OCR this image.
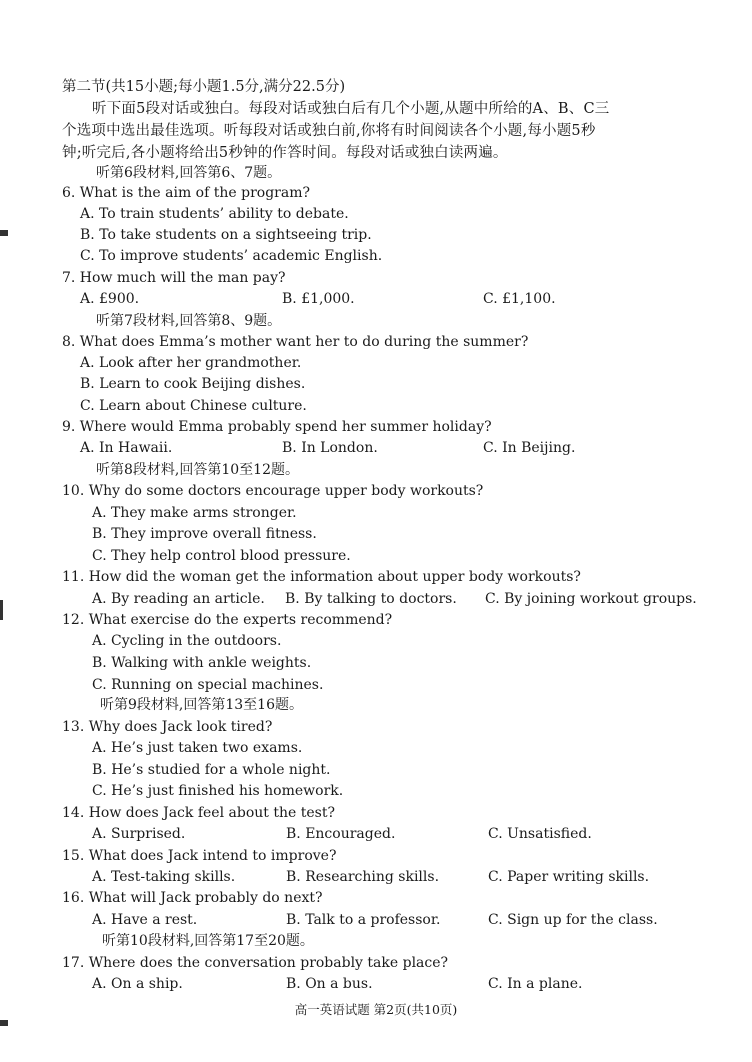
第二节(共15小题;每小题1.5分,满分22.5分)
听下面5段对话或独白。每段对话或独白后有几个小题,从题中所给的A、B、C三
个选项中选出最佳选项。听每段对话或独白前,你将有时间阅读各个小题,每小题5秒
钟;听完后,各小题将给出5秒钟的作答时间。每段对话或独白读两遍。
听第6段材料,回答第6、7题。
6. What is the aim of the program?
A. To train students’ ability to debate.
B. To take students on a sightseeing trip.
C. To improve students’ academic English.
7. How much will the man pay?
A. £900.	B. £1,000.	C. £1,100.
听第7段材料,回答第8、9题。
8. What does Emma’s mother want her to do during the summer?
A. Look after her grandmother.
B. Learn to cook Beijing dishes.
C. Learn about Chinese culture.
9. Where would Emma probably spend her summer holiday?
A. In Hawaii.	B. In London.	C. In Beijing.
听第8段材料,回答第10至12题。
10. Why do some doctors encourage upper body workouts?
A. They make arms stronger.
B. They improve overall fitness.
C. They help control blood pressure.
11. How did the woman get the information about upper body workouts?
A. By reading an article. B. By talking to doctors. C. By joining workout groups.
12. What exercise do the experts recommend?
A. Cycling in the outdoors.
B. Walking with ankle weights.
C. Running on special machines.
听第9段材料,回答第13至16题。
13. Why does Jack look tired?
A. He’s just taken two exams.
B. He’s studied for a whole night.
C. He’s just finished his homework.
14. How does Jack feel about the test?
A. Surprised.	B. Encouraged.	C. Unsatisfied.
15. What does Jack intend to improve?
A. Test-taking skills.	B. Researching skills.	C. Paper writing skills.
16. What will Jack probably do next?
A. Have a rest.	B. Talk to a professor.	C. Sign up for the class.
听第10段材料,回答第17至20题。
17. Where does the conversation probably take place?
A. On a ship.	B. On a bus.	C. In a plane.
高一英语试题 第2页(共10页)
